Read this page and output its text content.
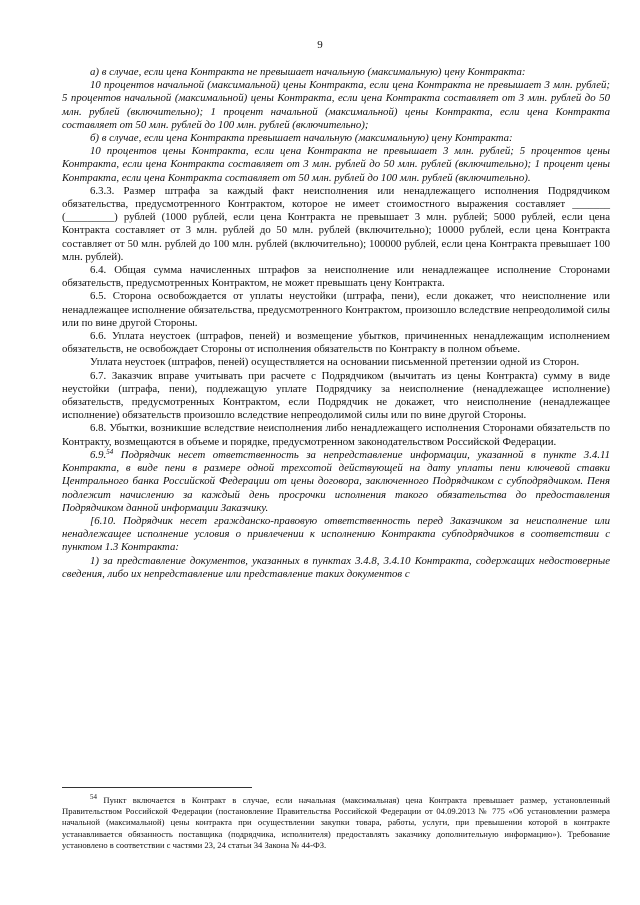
9

а) в случае, если цена Контракта не превышает начальную (максимальную) цену Контракта:

10 процентов начальной (максимальной) цены Контракта, если цена Контракта не превышает 3 млн. рублей; 5 процентов начальной (максимальной) цены Контракта, если цена Контракта составляет от 3 млн. рублей до 50 млн. рублей (включительно); 1 процент начальной (максимальной) цены Контракта, если цена Контракта составляет от 50 млн. рублей до 100 млн. рублей (включительно);

б) в случае, если цена Контракта превышает начальную (максимальную) цену Контракта:

10 процентов цены Контракта, если цена Контракта не превышает 3 млн. рублей; 5 процентов цены Контракта, если цена Контракта составляет от 3 млн. рублей до 50 млн. рублей (включительно); 1 процент цены Контракта, если цена Контракта составляет от 50 млн. рублей до 100 млн. рублей (включительно).

6.3.3. Размер штрафа за каждый факт неисполнения или ненадлежащего исполнения Подрядчиком обязательства, предусмотренного Контрактом, которое не имеет стоимостного выражения составляет _______ (_________) рублей (1000 рублей, если цена Контракта не превышает 3 млн. рублей; 5000 рублей, если цена Контракта составляет от 3 млн. рублей до 50 млн. рублей (включительно); 10000 рублей, если цена Контракта составляет от 50 млн. рублей до 100 млн. рублей (включительно); 100000 рублей, если цена Контракта превышает 100 млн. рублей).

6.4. Общая сумма начисленных штрафов за неисполнение или ненадлежащее исполнение Сторонами обязательств, предусмотренных Контрактом, не может превышать цену Контракта.

6.5. Сторона освобождается от уплаты неустойки (штрафа, пени), если докажет, что неисполнение или ненадлежащее исполнение обязательства, предусмотренного Контрактом, произошло вследствие непреодолимой силы или по вине другой Стороны.

6.6. Уплата неустоек (штрафов, пеней) и возмещение убытков, причиненных ненадлежащим исполнением обязательств, не освобождает Стороны от исполнения обязательств по Контракту в полном объеме.

Уплата неустоек (штрафов, пеней) осуществляется на основании письменной претензии одной из Сторон.

6.7. Заказчик вправе учитывать при расчете с Подрядчиком (вычитать из цены Контракта) сумму в виде неустойки (штрафа, пени), подлежащую уплате Подрядчику за неисполнение (ненадлежащее исполнение) обязательств, предусмотренных Контрактом, если Подрядчик не докажет, что неисполнение (ненадлежащее исполнение) обязательств произошло вследствие непреодолимой силы или по вине другой Стороны.

6.8. Убытки, возникшие вследствие неисполнения либо ненадлежащего исполнения Сторонами обязательств по Контракту, возмещаются в объеме и порядке, предусмотренном законодательством Российской Федерации.

6.9.54 Подрядчик несет ответственность за непредставление информации, указанной в пункте 3.4.11 Контракта, в виде пени в размере одной трехсотой действующей на дату уплаты пени ключевой ставки Центрального банка Российской Федерации от цены договора, заключенного Подрядчиком с субподрядчиком. Пеня подлежит начислению за каждый день просрочки исполнения такого обязательства до предоставления Подрядчиком данной информации Заказчику.

[6.10. Подрядчик несет гражданско-правовую ответственность перед Заказчиком за неисполнение или ненадлежащее исполнение условия о привлечении к исполнению Контракта субподрядчиков в соответствии с пунктом 1.3 Контракта:

1) за представление документов, указанных в пунктах 3.4.8, 3.4.10 Контракта, содержащих недостоверные сведения, либо их непредставление или представление таких документов с

$^{54}$ Пункт включается в Контракт в случае, если начальная (максимальная) цена Контракта превышает размер, установленный Правительством Российской Федерации (постановление Правительства Российской Федерации от 04.09.2013 № 775 «Об установлении размера начальной (максимальной) цены контракта при осуществлении закупки товара, работы, услуги, при превышении которой в контракте устанавливается обязанность поставщика (подрядчика, исполнителя) предоставлять заказчику дополнительную информацию»). Требование установлено в соответствии с частями 23, 24 статьи 34 Закона № 44-ФЗ.
